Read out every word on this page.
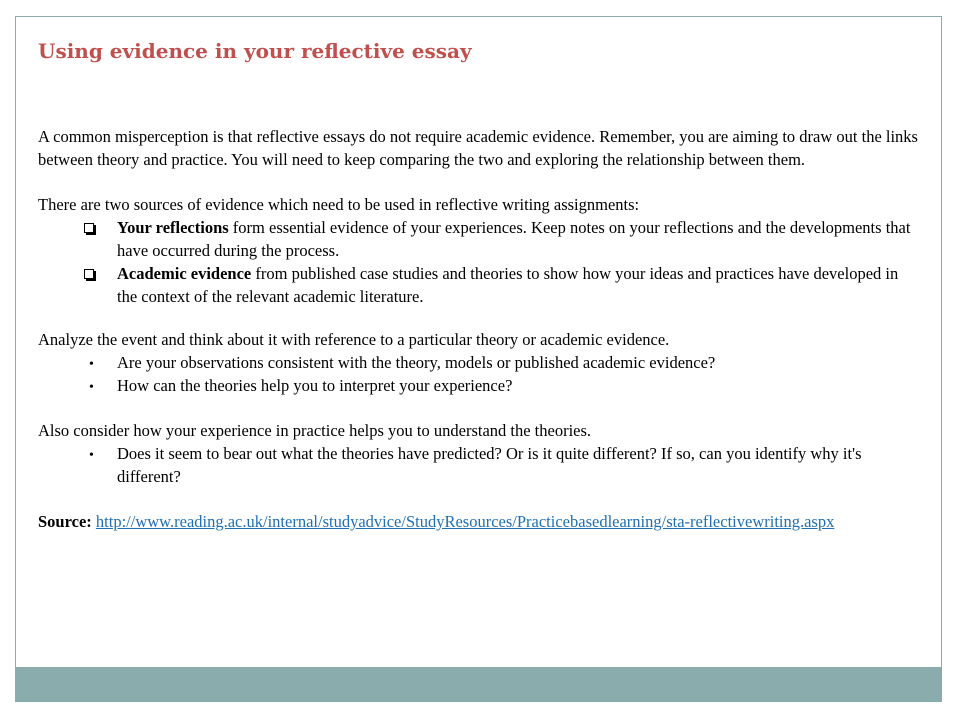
Using evidence in your reflective essay

A common misperception is that reflective essays do not require academic evidence. Remember, you are aiming to draw out the links between theory and practice. You will need to keep comparing the two and exploring the relationship between them.

There are two sources of evidence which need to be used in reflective writing assignments:

Your reflections form essential evidence of your experiences. Keep notes on your reflections and the developments that have occurred during the process.
Academic evidence from published case studies and theories to show how your ideas and practices have developed in the context of the relevant academic literature.

Analyze the event and think about it with reference to a particular theory or academic evidence.

•	Are your observations consistent with the theory, models or published academic evidence?
•	How can the theories help you to interpret your experience?

Also consider how your experience in practice helps you to understand the theories.

•	Does it seem to bear out what the theories have predicted? Or is it quite different? If so, can you identify why it's different?

Source: http://www.reading.ac.uk/internal/studyadvice/StudyResources/Practicebasedlearning/sta-reflectivewriting.aspx
